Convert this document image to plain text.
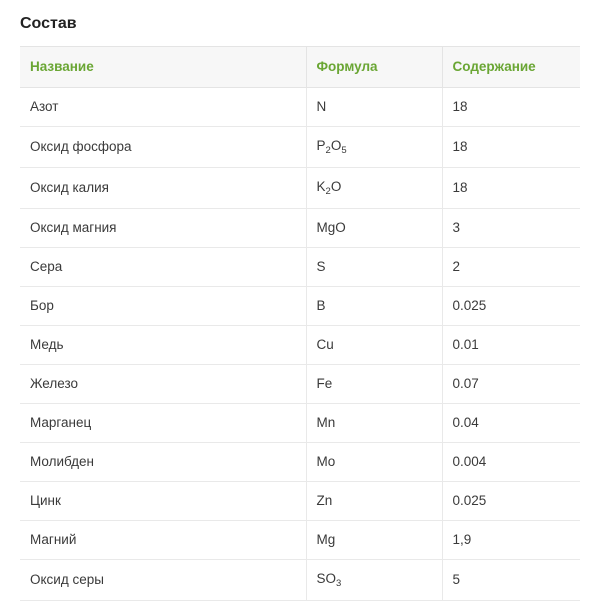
Состав
Название	Формула	Содержание
Азот	N	18
Оксид фосфора	$P_2O_5$	18
Оксид калия	$K_2O$	18
Оксид магния	MgO	3
Сера	S	2
Бор	B	0.025
Медь	Cu	0.01
Железо	Fe	0.07
Марганец	Mn	0.04
Молибден	Mo	0.004
Цинк	Zn	0.025
Магний	Mg	1,9
Оксид серы	$SO_3$	5
